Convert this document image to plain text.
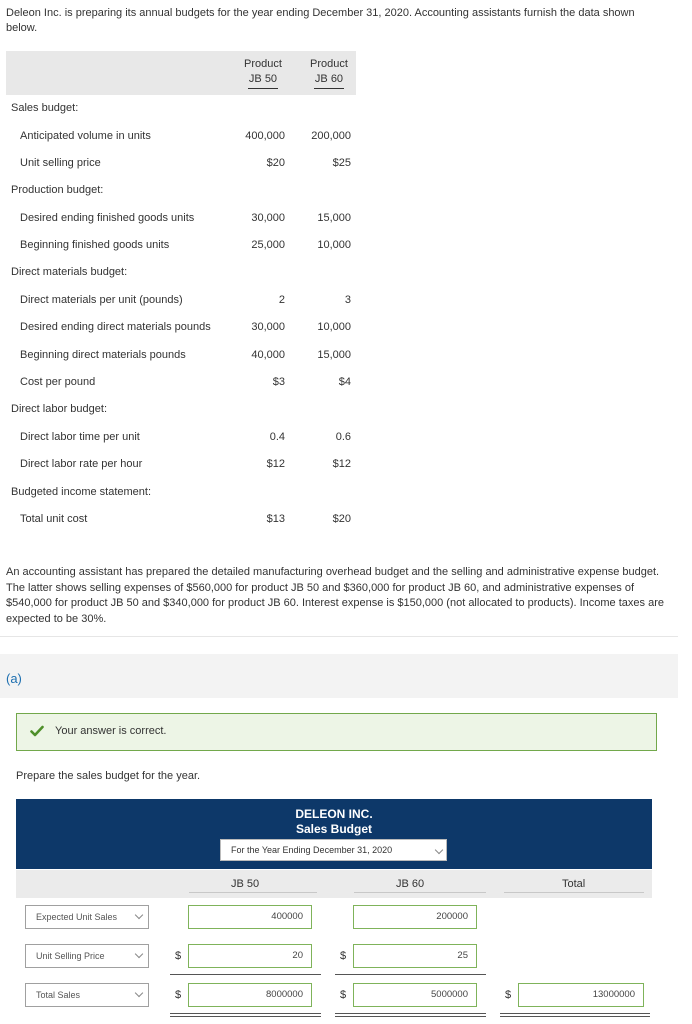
Deleon Inc. is preparing its annual budgets for the year ending December 31, 2020. Accounting assistants furnish the data shown below.
Product
JB 50
Product
JB 60
Sales budget:
Anticipated volume in units	400,000 200,000
Unit selling price	$20	$25
Production budget:
Desired ending finished goods units	30,000	15,000
Beginning finished goods units	25,000	10,000
Direct materials budget:
Direct materials per unit (pounds)	2	3
Desired ending direct materials pounds	30,000	10,000
Beginning direct materials pounds	40,000	15,000
Cost per pound	$3	$4
Direct labor budget:
Direct labor time per unit	0.4	0.6
Direct labor rate per hour	$12	$12
Budgeted income statement:
Total unit cost	$13	$20
An accounting assistant has prepared the detailed manufacturing overhead budget and the selling and administrative expense budget. The latter shows selling expenses of $560,000 for product JB 50 and $360,000 for product JB 60, and administrative expenses of $540,000 for product JB 50 and $340,000 for product JB 60. Interest expense is $150,000 (not allocated to products). Income taxes are expected to be 30%.
(a)
Your answer is correct.
Prepare the sales budget for the year.
DELEON INC.
Sales Budget
For the Year Ending December 31, 2020
JB 50	JB 60	Total
Expected Unit Sales	400000	200000
Unit Selling Price	$	20	$	25
Total Sales	$	8000000	$	5000000	$	13000000
